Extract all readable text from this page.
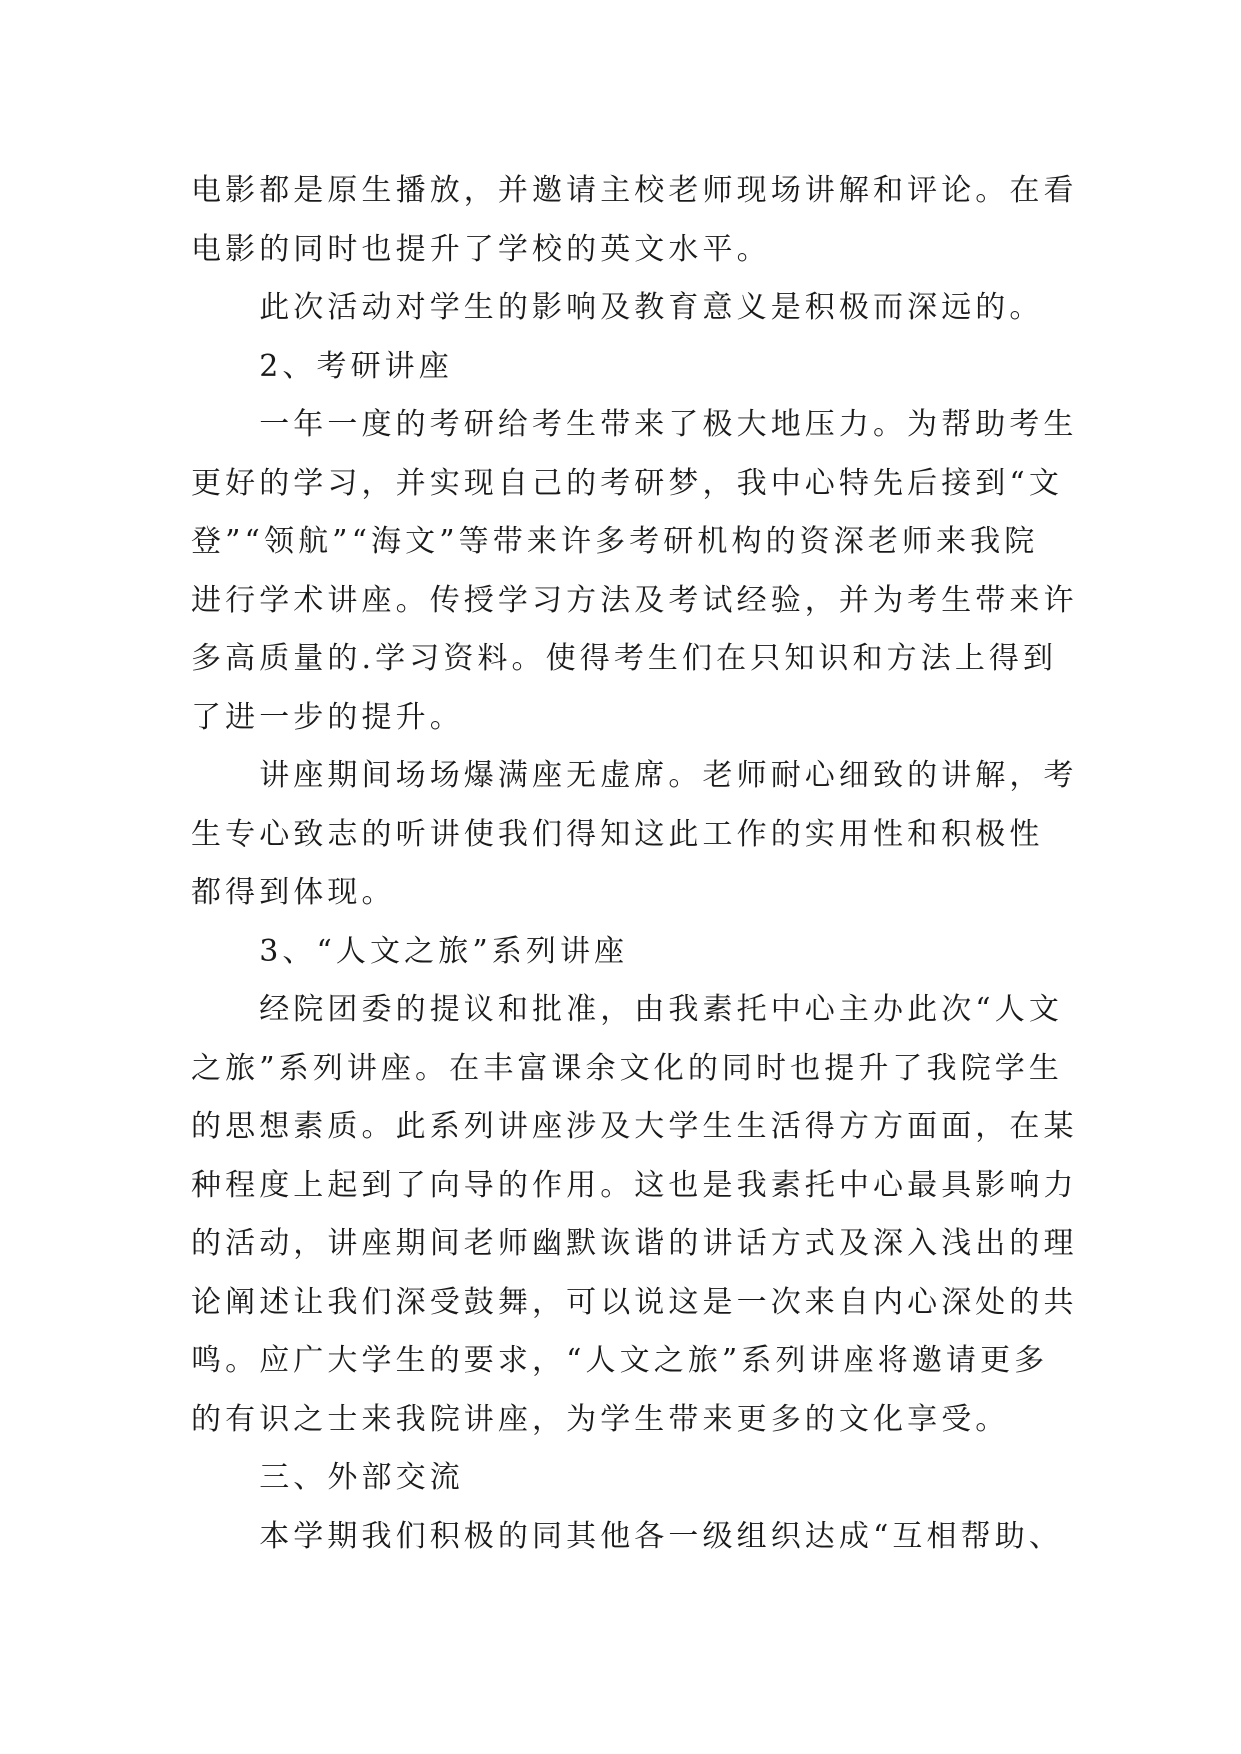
电影都是原生播放，并邀请主校老师现场讲解和评论。在看
电影的同时也提升了学校的英文水平。
　　此次活动对学生的影响及教育意义是积极而深远的。
　　2、考研讲座
　　一年一度的考研给考生带来了极大地压力。为帮助考生
更好的学习，并实现自己的考研梦，我中心特先后接到“文
登”“领航”“海文”等带来许多考研机构的资深老师来我院
进行学术讲座。传授学习方法及考试经验，并为考生带来许
多高质量的.学习资料。使得考生们在只知识和方法上得到
了进一步的提升。
　　讲座期间场场爆满座无虚席。老师耐心细致的讲解，考
生专心致志的听讲使我们得知这此工作的实用性和积极性
都得到体现。
　　3、“人文之旅”系列讲座
　　经院团委的提议和批准，由我素托中心主办此次“人文
之旅”系列讲座。在丰富课余文化的同时也提升了我院学生
的思想素质。此系列讲座涉及大学生生活得方方面面，在某
种程度上起到了向导的作用。这也是我素托中心最具影响力
的活动，讲座期间老师幽默诙谐的讲话方式及深入浅出的理
论阐述让我们深受鼓舞，可以说这是一次来自内心深处的共
鸣。应广大学生的要求，“人文之旅”系列讲座将邀请更多
的有识之士来我院讲座，为学生带来更多的文化享受。
　　三、外部交流
　　本学期我们积极的同其他各一级组织达成“互相帮助、
